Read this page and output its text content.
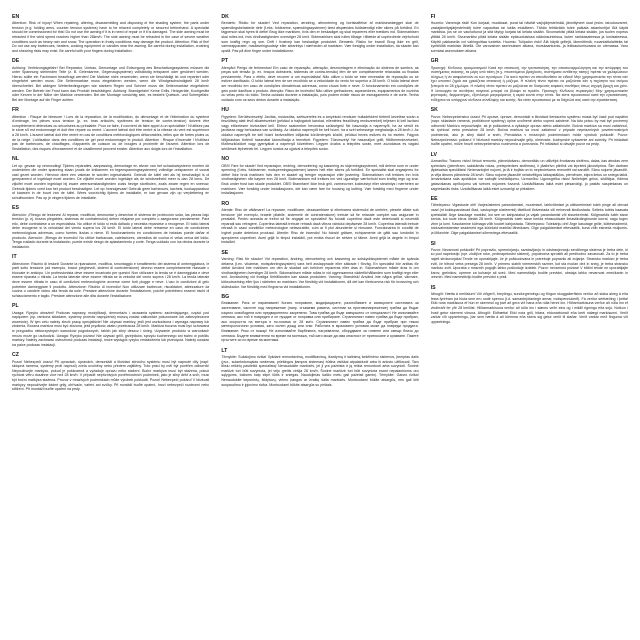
EN

Attention: Risk of injury! When repairing, altering, disassembling and disposing of the shading system, the parts under tension (e.g. folding arms, counter tension systems) have to be relaxed completely or secured beforehand. A specialist should be commissioned for this! Do not use the awning if it is in need of repair or if it is damaged. The side awning must be retracted if the wind speed reaches higher than 28km/h. The side awning must be retracted in the case of severe weather conditions such as heavy rain and snow. The operation in frosty conditions may damage the product. Attention: Risk of fire! Do not use any barbecues, heaters, cooking equipment or candles near the awning. Be careful during installation, crushing and shearing risks may exist. Be careful with your fingers during installation.

DE

Achtung: Verletzungsgefahr! Bei Reparatur, Umbau, Demontage und Entsorgung des Beschattungssystems müssen die unter Spannung stehenden Teile (z. B. Gelenkarme, Gegenzugsysteme) vollständig entspannt oder gesichert werden. Hierzu sollte ein Fachmann beauftragt werden! Die Markise nicht verwenden, wenn sie beschädigt ist und repariert oder eingefahrt werden muss. Die Seitenmarkise muss eingefahren werden, wenn die Windgeschwindigkeit 28 km/h überschreitet. Bei widrigen Wetterbedingungen wie starkem Regen und Schnee muss die Seitenmarkise eingefahren werden. Der Betrieb bei Frost kann das Produkt beschädigen. Achtung: Brandgefahr! Keine Grills, Heizgeräte, Kochgeräte oder Kerzen in der Nähe der Markise verwenden. Bei der Montage vorsichtig sein, es besteht Quetsch- und Schergefahr. Bei der Montage auf die Finger achten.

FR

Attention : Risque de blessure ! Lors de la réparation, de la modification, du démontage et de l'élimination du système d'ombrage, les pièces sous tension (p. ex. bras articulés, systèmes de tension de contre-tension) doivent être complètement détendues ou sécurisées au préalable. Pour ce faire, il convient de faire appel à un spécialiste ! N'utilisez pas le store s'il est endommagé et doit être réparé ou rentré. L'auvent latéral doit être rentré si la vitesse du vent est supérieure à 28 km/h. L'auvent latéral doit être rentré en cas de conditions météorologiques défavorables, telles que de fortes pluies ou de la neige. L'utilisation dans des conditions de gel peut endommager le produit. Attention : Risque d'incendie ! N'utilisez pas de barbecues, de chauffages, d'appareils de cuisson ou de bougies à proximité de l'auvent. Attention lors de l'installation, des risques d'écrasement et de cisaillement peuvent exister. Attention aux doigts lors de l'installation.

NL

Let op: gevaar op verwonding! Tijdens reparaties, aanpassing, demontage en afvoer van het schaduwsysteem moeten de onderdelen die onder spanning staan (zoals de knikarmen en tegenspanningssystemen) volledige ontspannen of vooraf vast gezet worden. Hiervoor dient een vakman te worden ingeschakeld. Gebruik de luifel niet als hij beschadigd is of gerepareerd of ingeklapt moet worden. De zijluifel moet worden ingeklapt als de windsnelheid meer is dan 28 km/u. De zijluifel moet worden ingeklapt bij zware weersomstandigheden zoals hevige stortbuien, zoals zware regen en sneeuw. Gebruik tijdens vorst kan het product beschadigen. Let op: brandgevaar! Gebruik geen barbecues, kachels, kookapparatuur of kaarsen in de buurt van de luifel. Wees voorzichtig tijdens de installatie, er kan gevaar zijn op verplettering en schuifwonden. Pas op je vingers tijdens de installatie.

ES

Atención: ¡Riesgo de lesiones! Al reparar, modificar, desmontar y desechar el sistema de protección solar, las piezas bajo tensión (p. ej. brazos plegables, sistemas de contratensión) deben relajarse por completo o asegurarse previamente. Para ello, debe contratarse a un especialista. No utilice el toldo si está dañado y necesita repararse o recogerse. El toldo lateral debe recogerse si la velocidad del viento supera los 28 km/h. El toldo lateral debe retraerse en caso de condiciones meteorológicas adversas, como fuertes lluvias o nieve. El funcionamiento en condiciones de heladas puede dañar el producto. Atención: ¡Riesgo de incendio! No utilice barbacoas, calefactores, utensilios de cocina ni velas cerca del toldo. Tenga cuidado durante la instalación, puede existir riesgo de aplastamiento y corte. Tenga cuidado con los dedos durante la instalación.

IT

Attenzione: Rischio di lesioni! Durante la riparazione, modifica, smontaggio e smaltimento del sistema di ombreggiatura, le parti sotto tensione (ad esempio, bracci pieghevoli, sistemi di controtensione) devono essere completamente rilassate o bloccate in anticipo. Un professionista deve essere incaricato per questo! Non utilizzare la tenda se è danneggiata e deve essere riparata o ritirata. La tenda laterale deve essere ritirata se la velocità del vento supera i 28 km/h. La tenda laterale deve essere ritirata in caso di condizioni meteorologiche avverse come forti piogge e neve. L'uso in condizioni di gelo potrebbe danneggiare il prodotto. Attenzione: Rischio di incendio! Non utilizzare barbecue, riscaldatori, attrezzature da cucina o candele vicino alla tenda da sole. Prestare attenzione durante l'installazione, poiché potrebbero esserci rischi di schiacciamento e taglio. Prestare attenzione alle dita durante l'installazione.

PL

Uwaga: Ryzyko obrażeń! Podczas naprawy, modyfikacji, demontażu i usuwania systemu zacieniającego, części pod napięciem (np. ramiona składane, systemy przeciw naprężenia) muszą zostać całkowicie poluzowane lub zabezpieczone wcześniej. W tym celu należy zlecić pracę specjaliście! Nie używać markizy, jeśli jest uszkodzona i wymaga naprawy lub złożenia. Boczna markiza musi być złożona, jeśli prędkość wiatru przekracza 28 km/h. Markiza boczna musi być schowana w przypadku niekorzystnych warunków pogodowych, takich jak silny deszcz i śnieg. Używanie produktu w warunkach mrozu może go uszkodzić. Uwaga: Ryzyko pożaru! Nie używać grilli, grzejników, sprzętu kuchennego ani świec w pobliżu markizy. Należy zachować ostrożność podczas instalacji, może wystąpić ryzyko zmiażdżenia lub przecięcia. Należy uważać na palce podczas instalacji.

CZ

Pozor! Nebezpečí úrazu! Při opravách, úpravách, demontáži a likvidaci stínícího systému musí být napnuté díly (např. sklopná ramena, systémy proti napnutí) zcela uvolněny nebo předem zajištěny. Tuto práci by měl být pověřen odborník! Nepoužívejte markýzu, pokud je poškozená a vyžaduje opravu nebo stažení. Boční markýza musí být stažena, pokud rychlost větru dosáhne více než 28 km/h. V případě nepříznivých povětrnostních podmínek, jako je silný déšť a sníh, musí být boční markýza stažena. Provoz v mrazivých podmínkách může výrobek poškodit. Pozor! Nebezpečí požáru! V blízkosti markýzy nepoužívejte žádné grily, ohřívače, vaření ani svíčky. Při montáži buďte opatrní, hrozí nebezpečí rozdrcení nebo střižení. Při montáži buďte opatrní na prsty.

DK

Bemærk: Risiko for skader! Ved reparation, ændring, afmontering og bortskaffelse af markiseanlægget skal de spændingsbelastede dele (f.eks. foldearme, spændingssystemer) først afspændes fuldstændigt eller sikres på forhånd. En fagperson skal hyres til dette! Brug ikke markisen, hvis den er beskadiget og skal repareres eller trækkes ind. Sidemarkisen skal rulles ind, hvis vindhastigheden overstiger 28 km/t. Sidemarkisen skal rulles tilbage i tilfælde af uopfordrede vejrforhold som kraftig regn og sne. Drift i frostvejr kan beskadige produktet. Bemærk: Risiko for brand! Brug ikke en grill, varmeapparater, madlavningsudstyr eller stearinlys i nærheden af markisen. Vær forsigtig under installation, da skader kan opstå. Pas på dine fingre under installationen.

PT

Atenção! Perigo de ferimentos! Em caso de reparação, alteração, desmontagem e eliminação do sistema de sombra, as peças sob tensão (p. ex. braços dobráveis, sistemas de contra-tensão) têm de ser completamente relaxadas ou fixadas previamente. Para o efeito, deve recorrer a um especialista! Não utilize o toldo se este necessitar de reparação ou se estiver danificado. O toldo lateral tem de ser recolhido se a velocidade do vento for superior a 28 km/h. O toldo lateral deve ser recolhido em caso de condições climatéricas adversas, como chuva forte e neve. O funcionamento em condições de gelo pode danificar o produto. Atenção: Risco de incêndio! Não utilize grelhadores, aquecedores, equipamentos de cozinha ou velas perto do toldo. Tenha cuidado durante a instalação, pois podem existir riscos de esmagamento e de corte. Tenha cuidado com os seus dedos durante a instalação.

HU

Figyelem: Sérülésveszély! Javítás, módosítás, szétszerelés és a árnyékoló rendszer hulladékként történő kezelése során a feszültség alatt lévő alkatrészeket (például a hajtogatott karokat, ellentétes feszültség rendszereket) teljesen ki kell lazítani vagy előzetesen biztosítani kell. Ehhez szakember bevonása szükséges! Ne használja a napernyőt, ha az sérült és javításra vagy behúzásra van szükség. Az oldalsó napernyőt be kell húzni, ha a szél sebessége meghaladja a 28 km/h-t. Az oldalsó napernyőt be kell húzni kedvezőtlen időjárási körülmények között, például heves esőzés és hó esetén. Fagyos időjárásban történő használat károsíthatja a terméket. Figyelem: Tűzveszély! Ne használjon grillt, fűtőberendezéseket, főzőeszközöket vagy gyertyákat a napernyő közelében. Legyen óvatos a telepítés során, mert zúzódásos és vágási sérülések léphetnek fel. Legyen óvatos az ujjaival a telepítés során.

NO

OBS! Fare for skade! Ved reparasjon, endring, demontering og kassering av skjermingssystemet, må delene som er under spenning (f.eks. foldearmer, motspenningssystemer) løsnes helt eller sikres på forhånd. En spesialist skal engasjeres for dette! Ikke bruk markisen hvis den er skadet og trenger reparasjon eller justering. Sidemarkisen må trekkes inn hvis vindhastigheten når høyere enn 28 km/t. Sidemarkisen må trekkes inn ved ugunstige værforhold som kraftig regn og snø. Bruk under frost kan skade produktet. OBS! Brannfare! Ikke bruk grill, varmeovner, kokeutstyr eller stearinlys i nærheten av markisen. Vær forsiktig under installasjonen, det kan være fare for knusing og kutting. Vær forsiktig med fingrene under installasjonen.

RO

Atenție: Risc de vătămare! La reparare, modificare, dezasamblare și eliminarea sistemului de umbrire, piesele aflate sub tensiune (de exemplu, brațele pliabile, sistemele de contratensiune) trebuie să fie relaxate complet sau asigurate în prealabil. Pentru aceasta ar trebui să fie angajat un specialist! Nu folosiți copertina dacă este deteriorată și necesită reparații sau retragere. Copertina laterală trebuie retrasă dacă viteza vântului depășește 28 km/h. Copertina laterală trebuie retrasă în cazul condițiilor meteorologice nefavorabile, cum ar fi ploi abundente și ninsoare. Funcționarea în condiții de înghet poate deteriora produsul. Atenție: Risc de incendiu! Nu folosiți grătare, echipamente de gătit sau lumânări în apropierea copertinei. Aveți grijă în timpul instalării, pot exista riscuri de strivire și tăiere. Aveți grijă la degete în timpul instalării.

SE

Varning: Risk för skador! Vid reparation, ändring, demontering och kassering av solskyddssystemet måste de spända delarna (t.ex. vikarmar, motspänningssystem) vara helt avslappnade eller säkrade i förväg. En specialist bör anlitas för detta! Använd inte markisen om den är skadad och behöver repareras eller dras in. Sidomarkisen måste dras in om vindhastigheten överstiger 28 km/h. Sidomarkisen måste rullas in vid ogynnsamma väderförhållanden som kraftigt regn eller snö. Användning vid frostiga förhållanden kan skada produkten. Varning: Brandrisk! Använd inte några grillar, värmare, köksutrustning eller ljus i närheten av markisen. Var försiktig vid installationen, då det kan förekomma risk för krossning och skärskador. Var försiktig med fingrarna vid installationen.

BG

Внимание: Риск от нараняване! Когато поправяте, модифицирате, разглобявате и изхвърляте системата за засенчване, частите под напрежение (напр. сгъваеми рамена, системи за противонапрежение) трябва да бъдат изцяло освободени или предварително закрепени. Това трябва да бъде извършено от специалист! Не използвайте сенника, ако той е повреден и се нуждае от поправка или прибиране. Страничният навес трябва да бъде прибран, ако скоростта на вятъра е по-голяма от 28 км/ч. Страничният навес трябва да бъде прибран при тежки метеорологични условия, като силен дъжд или сняг. Работата в мразовити условия може да повреди продукта. Внимание: Риск от пожар! Не използвайте барбекюта, нагреватели, оборудване за готвене или свещи близо до сенника. Бъдете внимателни по време на монтажа, тъй като може да има опасност от притискане и срязване. Пазете пръстите си по време на монтажа.

LT

Tėmykite: Sužalojimo rizika! Vykdant remontavimą, modifikavimą, išardymą ir šalinimą šešėlinimo sistemos, įtemptas dalis (pvz., sulankstomąsias rankenas, priešingos įtampos sistemas) būtina visiškai atpalaiduoti arba iš anksto užfiksuoti. Tam tikslu reikėtų pasitelkti specialistą! Nenaudokite markizės, jei ji yra pažeista ir ją reikia remontuoti arba suvynioti. Šoninė markizė turi būti suvyniota, jei vėjo greitis viršija 28 km/h. Šoninė markizė turi būti suvyniota esant nepalankioms oro sąlygoms, tokioms kaip stipri liūtis ir sniegas. Naudojimas šalčio metu gali pažeisti gaminį. Tėmykite: Gaisro rizika! Nenaudokite kepsninių, šildytuvų, virimo įrangos ar žvakių šalia markizės. Montuodami būkite atsargūs, nes gali kilti suspaudimo ir įpjovimo rizika. Montuodami būkite atsargūs su pirštais.

FI

Huomio: Vammoja riski! Kun korjaat, muokkaat, purat tai hävität varjojärjestelmää, jännittyneet osat (esim. taivutusvarret, vastajännitysjärjestelmät) tulee vapauttaa tai lukita etukäteen. Tähän tehtävään tulee palkata asiantuntija! Älä käytä markiisia, jos se on vaurioitunut ja sitä täytyy korjata tai kelata sisään. Sivumarkiisi pitää kelata sisään, jos tuulen nopeus ylittää 28 km/h. Sivumarkiisi pitää kelata sisään epäsuotuisissa sääolosuhteissa, kuten rankkasateessa ja lumisateessa. Käyttö pakkasella voi vahingoittaa tuotetta. Huomio: Tulipalon riski! Älä käytä grillejä, lämmittimiä, ruoanlaittolaitteita tai kynttilöitä markiisin lähellä. Ole varovainen asennuksen aikana, murskaantumis- ja leikkautumisvaara on olemassa. Varo sormiasi asennuksen aikana.

GR

Προσοχή: Κίνδυνος τραυματισμού! Κατά την επισκευή, την τροποποίηση, την αποσυναρμολόγηση και την απόρριψη του συστήματος σκίασης, τα μέρη υπό τάση (π.χ. πτυσσόμενοι βραχίονες, συστήματα αντίθετης τάσης) πρέπει να χαλαρώσουν πλήρως ή να ασφαλιστούν εκ των προτέρων. Για αυτό πρέπει να απευθυνθείτε σε ειδικό! Μην χρησιμοποιείτε την τέντα εάν έχει υποστεί ζημιά και χρειάζεται επισκευή ή μάζεμα. Η πλαϊνή τέντα πρέπει να μαζεύεται εάν η ταχύτητα του ανέμου ξεπερνά τα 28 χλμ/ώρα. Η πλαϊνή τέντα πρέπει να μαζεύεται σε δυσμενείς καιρικές συνθήκες όπως ισχυρή βροχή και χιόνι. Η λειτουργία σε συνθήκες παγετού μπορεί να βλάψει το προϊόν. Προσοχή: Κίνδυνος πυρκαγιάς! Μην χρησιμοποιείτε ψησταριές, θερμαντήρες, εξοπλισμό μαγειρέματος ή κεριά κοντά στην τέντα. Να είστε προσεκτικοί κατά την εγκατάσταση, ενδέχεται να υπάρχουν κίνδυνοι σύνθλιψης και κοπής. Να είστε προσεκτικοί με τα δάχτυλά σας κατά την εγκατάσταση.

SK

Pozor: Nebezpečenstvo úrazu! Pri oprave, úprave, demontáži a likvidácii tieniaceho systému musia byť časti pod napätím (napr. skladacie ramená, protiťahové systémy) úplne uvoľnené alebo vopred zaistené. Na túto prácu by mal byť poverený odborník! Markízu nepoužívajte, ak je poškodená a vyžaduje opravu alebo zatiahnutie. Bočná markíza sa musí zatiahnuť, ak rýchlosť vetra presiahne 28 km/h. Bočná markíza sa musí zatiahnuť v prípade nepriaznivých poveternostných podmienok, ako je silný dážď a sneh. Prevádzka v mrazivých podmienkach môže výrobok poškodiť. Pozor: Nebezpečenstvo požiaru! V blízkosti markízy nepoužívajte grily, ohrievače, kuchynské vybavenie ani sviečky. Pri inštalácii buďte opatrní, môže hroziť nebezpečenstvo rozdrvenia a porezania. Pri inštalácii si dávajte pozor na prsty.

LV

Uzmanību: Traumu risks! Veicot remontu, pārveidošanu, demontāžu un utilizējot ēnošanas sistēmu, daļas, kas atrodas zem spriedzes (piemēram, salokāmās rokas, pretspriedzes sistēmas), ir jāatbrīvo pilnībā vai iepriekš jānostiprina. Šim darbam jāpiesaista speciālists! Neizmantojiet nojumi, ja tā ir bojāta un to nepieciešams remontēt vai sarullēt. Sānu nojume jāsarullē, ja vēja ātrums pārsniedz 28 km/h. Sānu nojume jāsarullē nelabvēlīgos laikapstākļos, piemēram, stipra lietus un sniega laikā. Izmantošana sala apstākļos var sabojāt izstrādājumu. Uzmanību: Ugunsgrēka risks! Nelietojiet grilus, sildītājus, ēdiena gatavošanas aprīkojumu vai sveces nojumes tuvumā. Uzstādīšanas laikā esiet piesardzīgi, jo pastāv saspiešanas un sagriešanās risks. Uzstādīšanas laikā esiet uzmanīgi ar pirkstiem.

EE

Tähelepanu: Vigastuste oht! Varjesüsteemi parandamisel, muutmisel, lahtivõtmisel ja utiliseerimisel tuleb pinge all olevad osad (nt kokkupandavad õlad, vastupinge süsteemid) täielikult lõdvestada või eelnevalt kindlustada. Selleks tuleks kaasata spetsialist! Ärge kasutage markiisi, kui see on kahjustatud ja vajab parandamist või sissekerimist. Külgmarkiis tuleb sisse kerida, kui tuule kiirus ületab 28 km/h. Külgmarkiis tuleb sisse kerida ebasoodsate ilmastikutingimuste korral, nagu tugev vihm ja lumi. Kasutamine külmaga võib toodet kahjustada. Tähelepanu: Tulekahju oht! Ärge kasutage grille, kütteseadmeid, toiduvalmistamise seadmeid ega küünlaid markiisi läheduses. Olge paigaldamisel ettevaatlik, kuna võib esineda muljumis- ja lõikeohte. Olge paigaldamisel sõrmedega ettevaatlik.

SI

Pozor: Nevarnost poškodb! Pri popravilu, spreminjanju, razstavljanju in odstranjevanju senčilnega sistema je treba dele, ki so pod napetostjo (npr. zložljive roke, protinapetostni sistemi), popolnoma sprostiti ali predhodno zavarovati. Za to je treba najeti strokovnjaka! Tende ne uporabljajte, če je poškodovana in potrebuje popravilo ali zvijanje. Stransko markizo je treba zviti, če hitrost vetra presega 28 km/h. V primeru slabih vremenskih razmer, kot sta močan dež in sneg, je treba stransko markizo zviti. Uporaba v mraznih pogojih lahko poškoduje izdelek. Pozor: nevarnost požara! V bližini tende ne uporabljajte žarov, grelnikov, opreme za kuhanje ali sveč. Med namestitvijo bodite previdni, obstaja lahko nevarnost zmečkanin in ureznin. Med namestitvijo bodite previdni s prsti.

IS

Athugið: Hætta á meiðslum! Við viðgerð, breytingu, sundurgreiningu og förgun skuggakerfisins verður að slaka alveg á eða festa fyrirfram þá hluta sem eru undir spennu (t.d. samanbrjótanlegir armar, mótspennukerfi). Fá verður sérfræðing í þetta! Ekki nota markisuna ef hún er skemmd og þarf að gera við hana eða rúlla henni inn. Hliðarmarkísuna verður að rúlla inn ef vindhraði fer yfir 28 km/klst. Hliðarmarkísuna verður að rúlla inn í slæmu veðri eins og í mikilli rigningu eða snjó. Notkun í frosti getur skemmt vöruna. Athugið: Eldhætta! Ekki nota grill, hitara, eldunarbúnað eða kerti nálægt markísunni. Verið varkár við uppsetningu, þar sem hætta á að klemma eða skera sig getur verið til staðar. Verið varkár með fingurna við uppsetningu.
